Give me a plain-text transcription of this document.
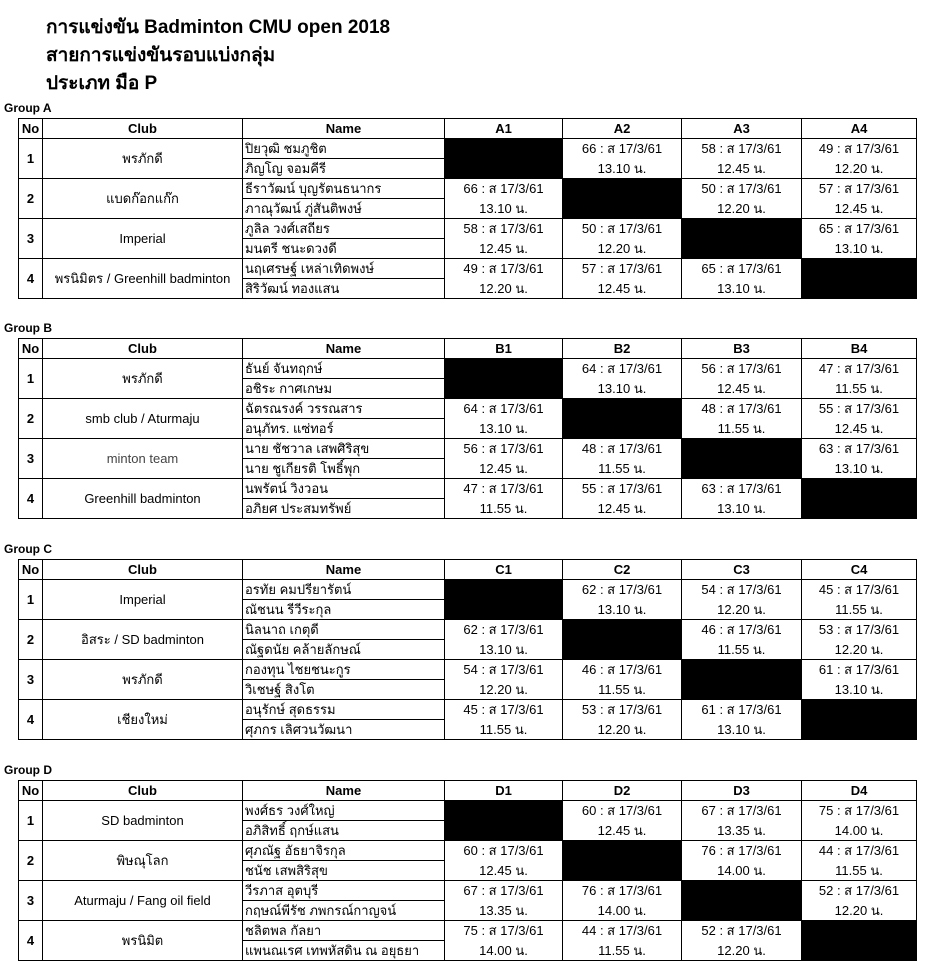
การแข่งขัน Badminton CMU open 2018
สายการแข่งขันรอบแบ่งกลุ่ม
ประเภท มือ P
Group A
No	Club	Name	A1	A2	A3	A4
1	พรภักดี	ปิยวุฒิ ชมภูชิต		66 : ส 17/3/61	58 : ส 17/3/61	49 : ส 17/3/61
		ภิญโญ จอมคีรี		13.10 น.	12.45 น.	12.20 น.
2	แบดก๊อกแก๊ก	ธีราวัฒน์ บุญรัตนธนากร	66 : ส 17/3/61		50 : ส 17/3/61	57 : ส 17/3/61
		ภาณุวัฒน์ ภู่สันติพงษ์	13.10 น.		12.20 น.	12.45 น.
3	Imperial	ภูลิล วงศ์เสถียร	58 : ส 17/3/61	50 : ส 17/3/61		65 : ส 17/3/61
		มนตรี ชนะดวงดี	12.45 น.	12.20 น.		13.10 น.
4	พรนิมิตร / Greenhill badminton	นฤเศรษฐ์ เหล่าเทิดพงษ์	49 : ส 17/3/61	57 : ส 17/3/61	65 : ส 17/3/61	
		สิริวัฒน์ ทองแสน	12.20 น.	12.45 น.	13.10 น.	
Group B
No	Club	Name	B1	B2	B3	B4
1	พรภักดี	ธันย์ จันทฤกษ์		64 : ส 17/3/61	56 : ส 17/3/61	47 : ส 17/3/61
		อชิระ กาศเกษม		13.10 น.	12.45 น.	11.55 น.
2	smb club / Aturmaju	ฉัตรณรงค์ วรรณสาร	64 : ส 17/3/61		48 : ส 17/3/61	55 : ส 17/3/61
		อนุภัทร. แซ่ทอร์	13.10 น.		11.55 น.	12.45 น.
3	minton team	นาย ชัชวาล เสพศิริสุข	56 : ส 17/3/61	48 : ส 17/3/61		63 : ส 17/3/61
		นาย ชูเกียรติ โพธิ์พุก	12.45 น.	11.55 น.		13.10 น.
4	Greenhill badminton	นพรัตน์ วิงวอน	47 : ส 17/3/61	55 : ส 17/3/61	63 : ส 17/3/61	
		อภิยศ ประสมทรัพย์	11.55 น.	12.45 น.	13.10 น.	
Group C
No	Club	Name	C1	C2	C3	C4
1	Imperial	อรทัย คมปรียารัตน์		62 : ส 17/3/61	54 : ส 17/3/61	45 : ส 17/3/61
		ณัชนน รีวีระกุล		13.10 น.	12.20 น.	11.55 น.
2	อิสระ / SD badminton	นิลนาถ เกตุดี	62 : ส 17/3/61		46 : ส 17/3/61	53 : ส 17/3/61
		ณัฐดนัย คล้ายลักษณ์	13.10 น.		11.55 น.	12.20 น.
3	พรภักดี	กองทุน ไชยชนะกูร	54 : ส 17/3/61	46 : ส 17/3/61		61 : ส 17/3/61
		วิเชษฐ์ สิงโต	12.20 น.	11.55 น.		13.10 น.
4	เชียงใหม่	อนุรักษ์ สุดธรรม	45 : ส 17/3/61	53 : ส 17/3/61	61 : ส 17/3/61	
		ศุภกร เลิศวนวัฒนา	11.55 น.	12.20 น.	13.10 น.	
Group D
No	Club	Name	D1	D2	D3	D4
1	SD badminton	พงศ์ธร วงศ์ใหญ่		60 : ส 17/3/61	67 : ส 17/3/61	75 : ส 17/3/61
		อภิสิทธิ์ ฤกษ์แสน		12.45 น.	13.35 น.	14.00 น.
2	พิษณุโลก	ศุภณัฐ อัธยาจิรกุล	60 : ส 17/3/61		76 : ส 17/3/61	44 : ส 17/3/61
		ชนัช เสพสิริสุข	12.45 น.		14.00 น.	11.55 น.
3	Aturmaju / Fang oil field	วีรภาส อุตบุรี	67 : ส 17/3/61	76 : ส 17/3/61		52 : ส 17/3/61
		กฤษณ์พีรัช ภพกรณ์กาญจน์	13.35 น.	14.00 น.		12.20 น.
4	พรนิมิต	ชลิตพล กัลยา	75 : ส 17/3/61	44 : ส 17/3/61	52 : ส 17/3/61	
		แพนณเรศ เทพหัสดิน ณ อยุธยา	14.00 น.	11.55 น.	12.20 น.	
